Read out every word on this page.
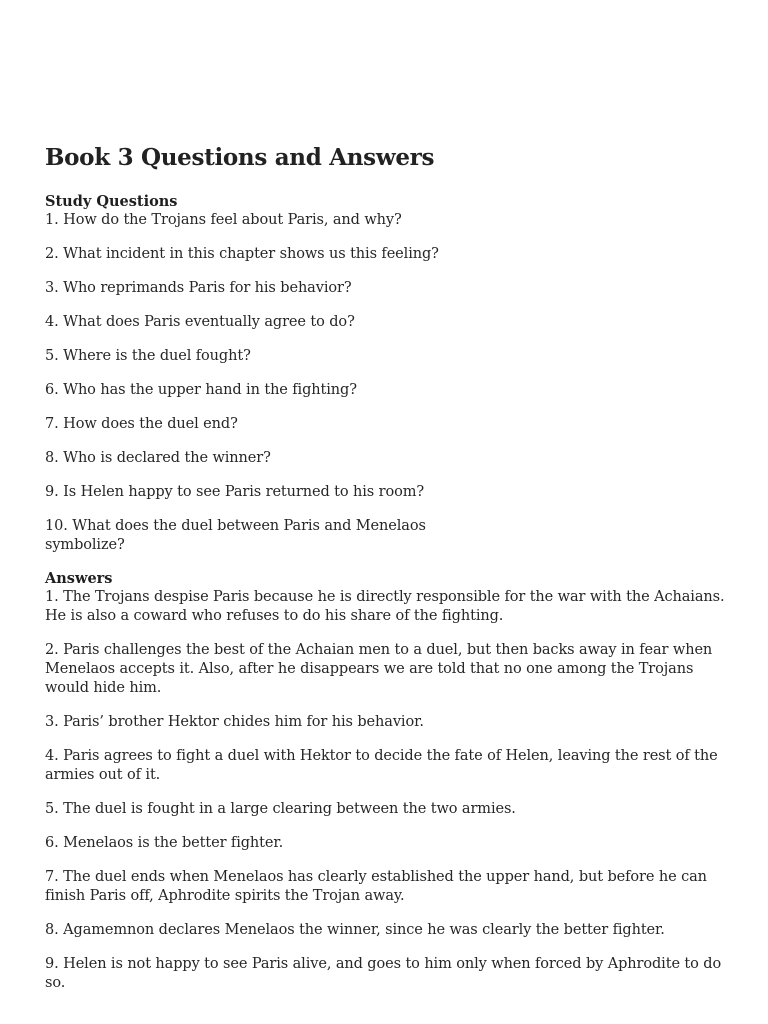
Book 3 Questions and Answers

Study Questions

1. How do the Trojans feel about Paris, and why?

2. What incident in this chapter shows us this feeling?

3. Who reprimands Paris for his behavior?

4. What does Paris eventually agree to do?

5. Where is the duel fought?

6. Who has the upper hand in the fighting?

7. How does the duel end?

8. Who is declared the winner?

9. Is Helen happy to see Paris returned to his room?

10. What does the duel between Paris and Menelaos symbolize?

Answers

1. The Trojans despise Paris because he is directly responsible for the war with the Achaians. He is also a coward who refuses to do his share of the fighting.

2. Paris challenges the best of the Achaian men to a duel, but then backs away in fear when Menelaos accepts it. Also, after he disappears we are told that no one among the Trojans would hide him.

3. Paris’ brother Hektor chides him for his behavior.

4. Paris agrees to fight a duel with Hektor to decide the fate of Helen, leaving the rest of the armies out of it.

5. The duel is fought in a large clearing between the two armies.

6. Menelaos is the better fighter.

7. The duel ends when Menelaos has clearly established the upper hand, but before he can finish Paris off, Aphrodite spirits the Trojan away.

8. Agamemnon declares Menelaos the winner, since he was clearly the better fighter.

9. Helen is not happy to see Paris alive, and goes to him only when forced by Aphrodite to do so.
